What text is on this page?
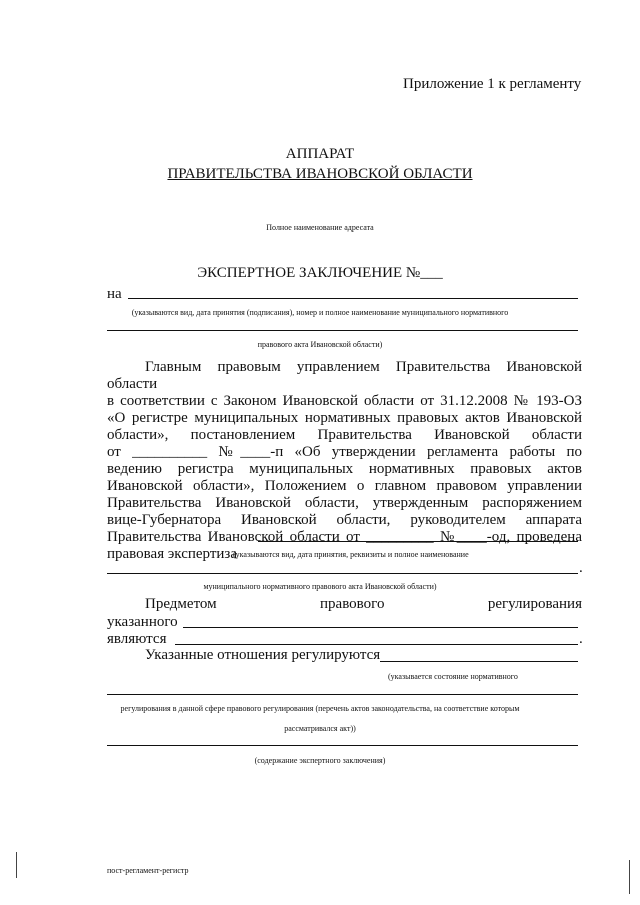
Приложение 1 к регламенту
АППАРАТ
ПРАВИТЕЛЬСТВА ИВАНОВСКОЙ ОБЛАСТИ
Полное наименование адресата
ЭКСПЕРТНОЕ ЗАКЛЮЧЕНИЕ №___
на
(указываются вид, дата принятия (подписания), номер и полное наименование муниципального нормативного
правового акта Ивановской области)
Главным правовым управлением Правительства Ивановской области
в соответствии с Законом Ивановской области от 31.12.2008 № 193-ОЗ
«О регистре муниципальных нормативных правовых актов Ивановской
области», постановлением Правительства Ивановской области
от __________ №____-п «Об утверждении регламента работы по
ведению регистра муниципальных нормативных правовых актов
Ивановской области», Положением о главном правовом управлении
Правительства Ивановской области, утвержденным распоряжением
вице-Губернатора Ивановской области, руководителем аппарата
Правительства Ивановской области от _________ №____-од, проведена
правовая экспертиза
(указываются вид, дата принятия, реквизиты и полное наименование
.
муниципального нормативного правового акта Ивановской области)
Предметом	правового	регулирования
указанного
являются	.
Указанные отношения регулируются
(указывается состояние нормативного
регулирования в данной сфере правового регулирования (перечень актов законодательства, на соответствие которым
рассматривался акт))
(содержание экспертного заключения)
пост-регламент-регистр
